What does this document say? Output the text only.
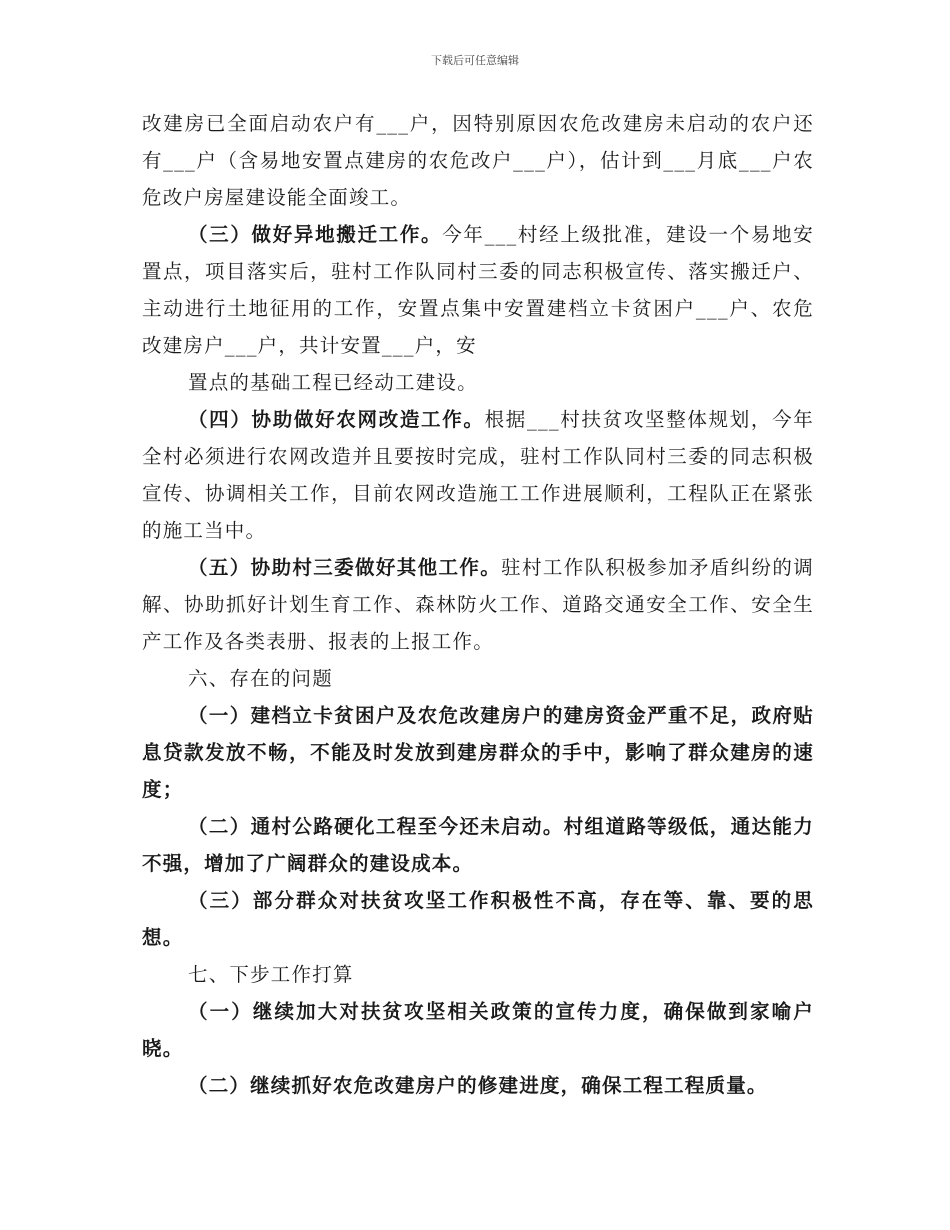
下载后可任意编辑

改建房已全面启动农户有___户，因特别原因农危改建房未启动的农户还有___户（含易地安置点建房的农危改户___户），估计到___月底___户农危改户房屋建设能全面竣工。

（三）做好异地搬迁工作。今年___村经上级批准，建设一个易地安置点，项目落实后，驻村工作队同村三委的同志积极宣传、落实搬迁户、主动进行土地征用的工作，安置点集中安置建档立卡贫困户___户、农危改建房户___户，共计安置___户，安

置点的基础工程已经动工建设。

（四）协助做好农网改造工作。根据___村扶贫攻坚整体规划，今年全村必须进行农网改造并且要按时完成，驻村工作队同村三委的同志积极宣传、协调相关工作，目前农网改造施工工作进展顺利，工程队正在紧张的施工当中。

（五）协助村三委做好其他工作。驻村工作队积极参加矛盾纠纷的调解、协助抓好计划生育工作、森林防火工作、道路交通安全工作、安全生产工作及各类表册、报表的上报工作。

六、存在的问题

（一）建档立卡贫困户及农危改建房户的建房资金严重不足，政府贴息贷款发放不畅，不能及时发放到建房群众的手中，影响了群众建房的速度；

（二）通村公路硬化工程至今还未启动。村组道路等级低，通达能力不强，增加了广阔群众的建设成本。

（三）部分群众对扶贫攻坚工作积极性不高，存在等、靠、要的思想。

七、下步工作打算

（一）继续加大对扶贫攻坚相关政策的宣传力度，确保做到家喻户晓。

（二）继续抓好农危改建房户的修建进度，确保工程工程质量。
